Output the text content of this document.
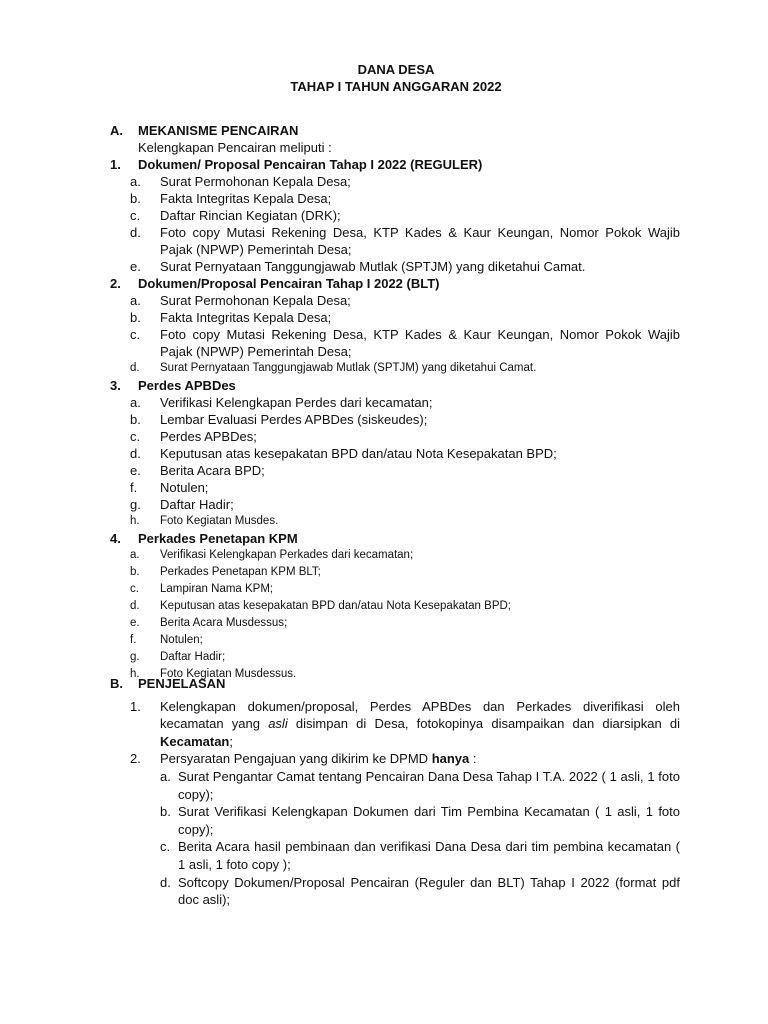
DANA DESA
TAHAP I TAHUN ANGGARAN 2022
A.	MEKANISME PENCAIRAN
Kelengkapan Pencairan meliputi :
1.	Dokumen/ Proposal Pencairan Tahap I 2022 (REGULER)
a.	Surat Permohonan Kepala Desa;
b.	Fakta Integritas Kepala Desa;
c.	Daftar Rincian Kegiatan (DRK);
d.	Foto copy Mutasi Rekening Desa, KTP Kades & Kaur Keungan, Nomor Pokok Wajib Pajak (NPWP) Pemerintah Desa;
e.	Surat Pernyataan Tanggungjawab Mutlak (SPTJM) yang diketahui Camat.
2.	Dokumen/Proposal Pencairan Tahap I 2022 (BLT)
a.	Surat Permohonan Kepala Desa;
b.	Fakta Integritas Kepala Desa;
c.	Foto copy Mutasi Rekening Desa, KTP Kades & Kaur Keungan, Nomor Pokok Wajib Pajak (NPWP) Pemerintah Desa;
d.	Surat Pernyataan Tanggungjawab Mutlak (SPTJM) yang diketahui Camat.
3.	Perdes APBDes
a.	Verifikasi Kelengkapan Perdes dari kecamatan;
b.	Lembar Evaluasi Perdes APBDes (siskeudes);
c.	Perdes APBDes;
d.	Keputusan atas kesepakatan BPD dan/atau Nota Kesepakatan BPD;
e.	Berita Acara BPD;
f.	Notulen;
g.	Daftar Hadir;
h.	Foto Kegiatan Musdes.
4.	Perkades Penetapan KPM
a.	Verifikasi Kelengkapan Perkades dari kecamatan;
b.	Perkades Penetapan KPM BLT;
c.	Lampiran Nama KPM;
d.	Keputusan atas kesepakatan BPD dan/atau Nota Kesepakatan BPD;
e.	Berita Acara Musdessus;
f.	Notulen;
g.	Daftar Hadir;
h.	Foto Kegiatan Musdessus.
B.	PENJELASAN
1.	Kelengkapan dokumen/proposal, Perdes APBDes dan Perkades diverifikasi oleh kecamatan yang asli disimpan di Desa, fotokopinya disampaikan dan diarsipkan di Kecamatan;
2.	Persyaratan Pengajuan yang dikirim ke DPMD hanya :
a. Surat Pengantar Camat tentang Pencairan Dana Desa Tahap I T.A. 2022 ( 1 asli, 1 foto copy);
b. Surat Verifikasi Kelengkapan Dokumen dari Tim Pembina Kecamatan ( 1 asli, 1 foto copy);
c. Berita Acara hasil pembinaan dan verifikasi Dana Desa dari tim pembina kecamatan ( 1 asli, 1 foto copy );
d. Softcopy Dokumen/Proposal Pencairan (Reguler dan BLT) Tahap I 2022 (format pdf doc asli);
